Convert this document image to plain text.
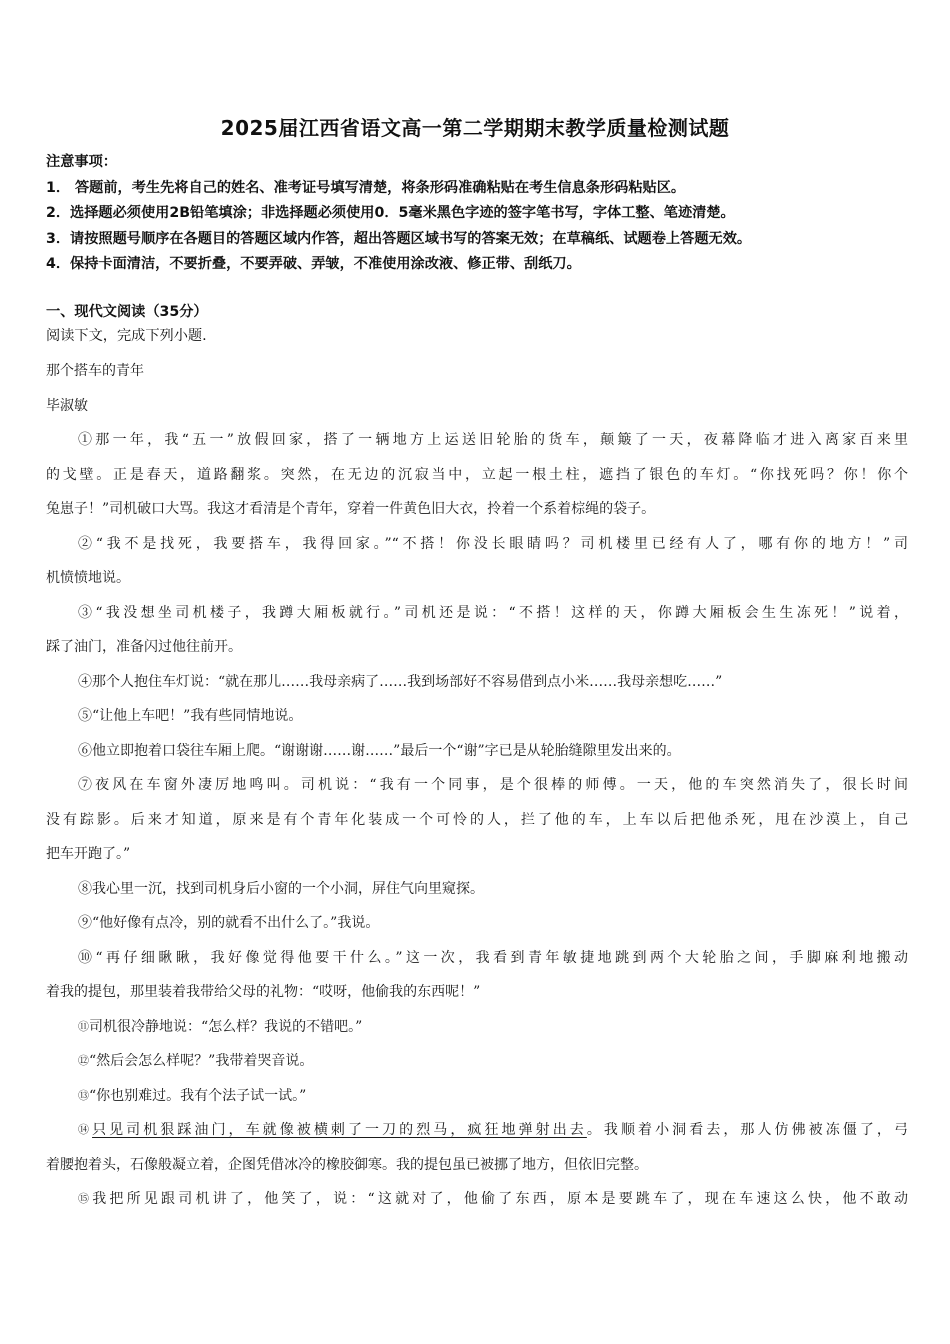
2025届江西省语文高一第二学期期末教学质量检测试题
注意事项：
1． 答题前，考生先将自己的姓名、准考证号填写清楚，将条形码准确粘贴在考生信息条形码粘贴区。
2．选择题必须使用2B铅笔填涂；非选择题必须使用0．5毫米黑色字迹的签字笔书写，字体工整、笔迹清楚。
3．请按照题号顺序在各题目的答题区域内作答，超出答题区域书写的答案无效；在草稿纸、试题卷上答题无效。
4．保持卡面清洁，不要折叠，不要弄破、弄皱，不准使用涂改液、修正带、刮纸刀。
一、现代文阅读（35分）
阅读下文，完成下列小题.
那个搭车的青年
毕淑敏
①那一年，我“五一”放假回家，搭了一辆地方上运送旧轮胎的货车，颠簸了一天，夜幕降临才进入离家百来里
的戈壁。正是春天，道路翻浆。突然，在无边的沉寂当中，立起一根土柱，遮挡了银色的车灯。“你找死吗？你！你个
兔崽子！”司机破口大骂。我这才看清是个青年，穿着一件黄色旧大衣，拎着一个系着棕绳的袋子。
②“我不是找死，我要搭车，我得回家。”“不搭！你没长眼睛吗？司机楼里已经有人了，哪有你的地方！”司
机愤愤地说。
③“我没想坐司机楼子，我蹲大厢板就行。”司机还是说：“不搭！这样的天，你蹲大厢板会生生冻死！”说着，
踩了油门，准备闪过他往前开。
④那个人抱住车灯说：“就在那儿……我母亲病了……我到场部好不容易借到点小米……我母亲想吃……”
⑤“让他上车吧！”我有些同情地说。
⑥他立即抱着口袋往车厢上爬。“谢谢谢……谢……”最后一个“谢”字已是从轮胎缝隙里发出来的。
⑦夜风在车窗外凄厉地鸣叫。司机说：“我有一个同事，是个很棒的师傅。一天，他的车突然消失了，很长时间
没有踪影。后来才知道，原来是有个青年化装成一个可怜的人，拦了他的车，上车以后把他杀死，甩在沙漠上，自己
把车开跑了。”
⑧我心里一沉，找到司机身后小窗的一个小洞，屏住气向里窥探。
⑨“他好像有点冷，别的就看不出什么了。”我说。
⑩“再仔细瞅瞅，我好像觉得他要干什么。”这一次，我看到青年敏捷地跳到两个大轮胎之间，手脚麻利地搬动
着我的提包，那里装着我带给父母的礼物：“哎呀，他偷我的东西呢！”
⑪司机很冷静地说：“怎么样？我说的不错吧。”
⑫“然后会怎么样呢？”我带着哭音说。
⑬“你也别难过。我有个法子试一试。”
⑭只见司机狠踩油门，车就像被横刺了一刀的烈马，疯狂地弹射出去。我顺着小洞看去，那人仿佛被冻僵了，弓
着腰抱着头，石像般凝立着，企图凭借冰冷的橡胶御寒。我的提包虽已被挪了地方，但依旧完整。
⑮我把所见跟司机讲了，他笑了，说：“这就对了，他偷了东西，原本是要跳车了，现在车速这么快，他不敢动
